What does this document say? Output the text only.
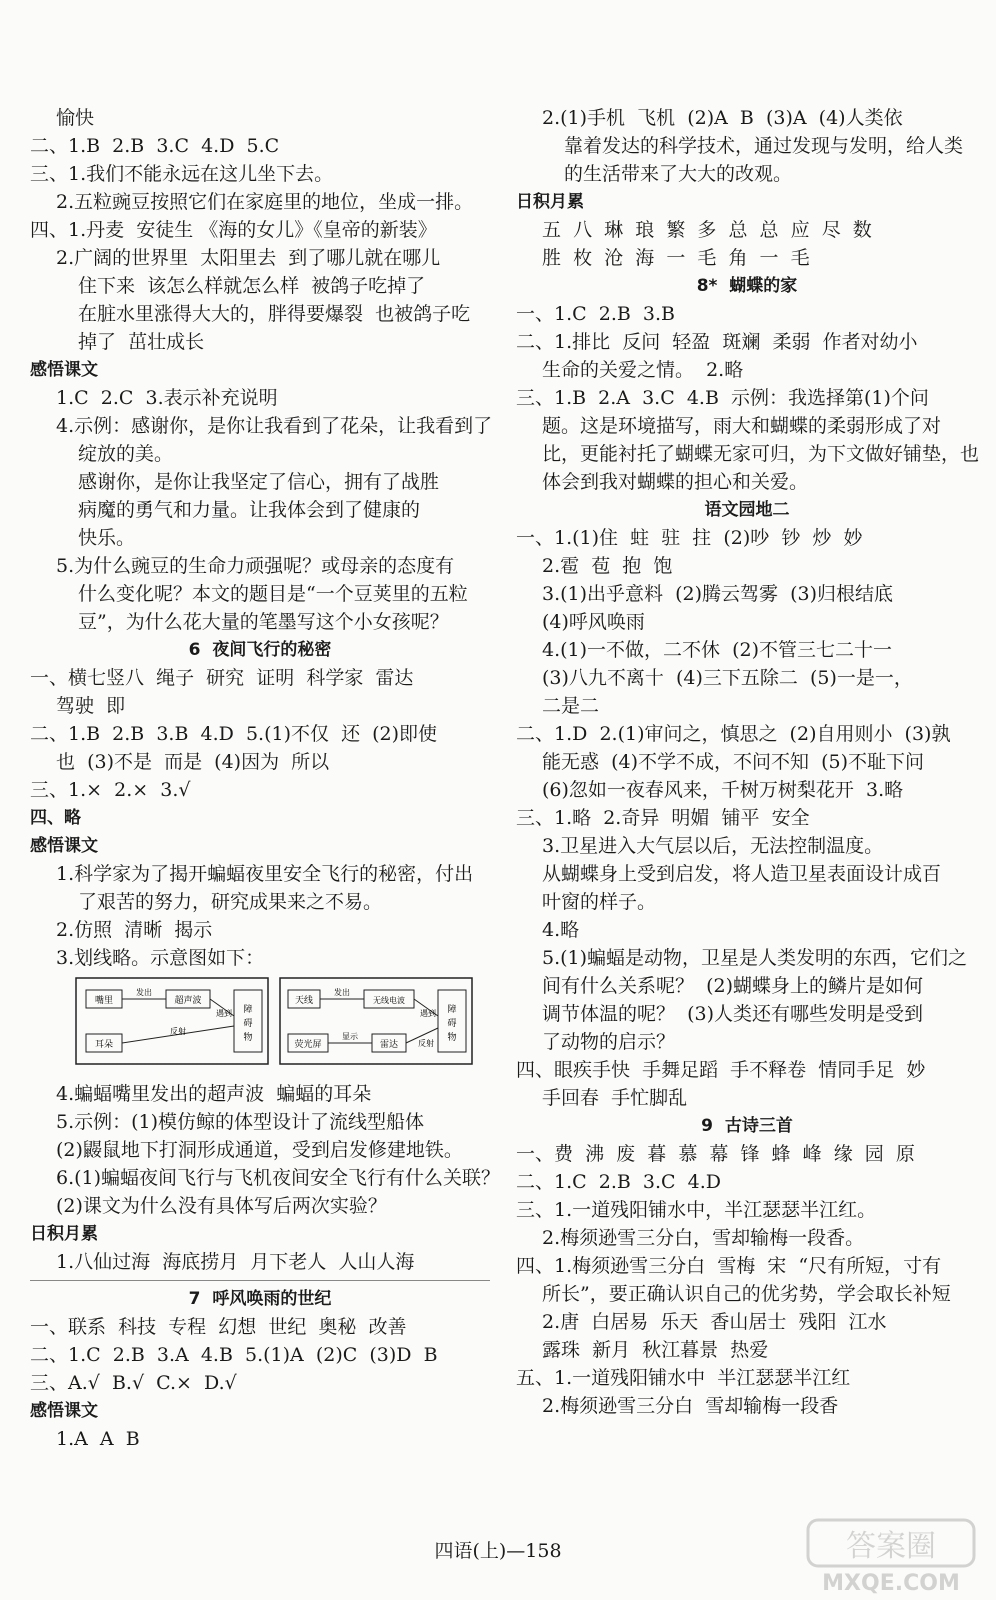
愉快
二、1.B  2.B  3.C  4.D  5.C
三、1.我们不能永远在这儿坐下去。
2.五粒豌豆按照它们在家庭里的地位，坐成一排。
四、1.丹麦  安徒生 《海的女儿》《皇帝的新装》
2.广阔的世界里  太阳里去  到了哪儿就在哪儿
住下来  该怎么样就怎么样  被鸽子吃掉了
在脏水里涨得大大的，胖得要爆裂  也被鸽子吃
掉了  茁壮成长
感悟课文
1.C  2.C  3.表示补充说明
4.示例：感谢你，是你让我看到了花朵，让我看到了
绽放的美。
感谢你，是你让我坚定了信心，拥有了战胜
病魔的勇气和力量。让我体会到了健康的
快乐。
5.为什么豌豆的生命力顽强呢？或母亲的态度有
什么变化呢？本文的题目是“一个豆荚里的五粒
豆”，为什么花大量的笔墨写这个小女孩呢？
6  夜间飞行的秘密
一、横七竖八  绳子  研究  证明  科学家  雷达
驾驶  即
二、1.B  2.B  3.B  4.D  5.(1)不仅  还  (2)即使
也  (3)不是  而是  (4)因为  所以
三、1.×  2.×  3.√
四、略
感悟课文
1.科学家为了揭开蝙蝠夜里安全飞行的秘密，付出
了艰苦的努力，研究成果来之不易。
2.仿照  清晰  揭示
3.划线略。示意图如下：
嘴里	超声波
发出
障
碍
物
遇到
耳朵
反射
天线	无线电波
发出
障
碍
物
遇到
荧光屏	雷达
显示
反射
4.蝙蝠嘴里发出的超声波  蝙蝠的耳朵
5.示例：(1)模仿鲸的体型设计了流线型船体
(2)鼹鼠地下打洞形成通道，受到启发修建地铁。
6.(1)蝙蝠夜间飞行与飞机夜间安全飞行有什么关联？
(2)课文为什么没有具体写后两次实验？
日积月累
1.八仙过海  海底捞月  月下老人  人山人海
7  呼风唤雨的世纪
一、联系  科技  专程  幻想  世纪  奥秘  改善
二、1.C  2.B  3.A  4.B  5.(1)A  (2)C  (3)D  B
三、A.√  B.√  C.×  D.√
感悟课文
1.A  A  B
2.(1)手机  飞机  (2)A  B  (3)A  (4)人类依
靠着发达的科学技术，通过发现与发明，给人类
的生活带来了大大的改观。
日积月累
五  八  琳  琅  繁  多  总  总  应  尽  数
胜  枚  沧  海  一  毛  角  一  毛
8*  蝴蝶的家
一、1.C  2.B  3.B
二、1.排比  反问  轻盈  斑斓  柔弱  作者对幼小
生命的关爱之情。  2.略
三、1.B  2.A  3.C  4.B  示例：我选择第(1)个问
题。这是环境描写，雨大和蝴蝶的柔弱形成了对
比，更能衬托了蝴蝶无家可归，为下文做好铺垫，也
体会到我对蝴蝶的担心和关爱。
语文园地二
一、1.(1)住  蛀  驻  拄  (2)吵  钞  炒  妙
2.雹  苞  抱  饱
3.(1)出乎意料  (2)腾云驾雾  (3)归根结底
(4)呼风唤雨
4.(1)一不做，二不休  (2)不管三七二十一
(3)八九不离十  (4)三下五除二  (5)一是一，
二是二
二、1.D  2.(1)审问之，慎思之  (2)自用则小  (3)孰
能无惑  (4)不学不成，不问不知  (5)不耻下问
(6)忽如一夜春风来，千树万树梨花开  3.略
三、1.略  2.奇异  明媚  铺平  安全
3.卫星进入大气层以后，无法控制温度。
从蝴蝶身上受到启发，将人造卫星表面设计成百
叶窗的样子。
4.略
5.(1)蝙蝠是动物，卫星是人类发明的东西，它们之
间有什么关系呢？  (2)蝴蝶身上的鳞片是如何
调节体温的呢？  (3)人类还有哪些发明是受到
了动物的启示？
四、眼疾手快  手舞足蹈  手不释卷  情同手足  妙
手回春  手忙脚乱
9  古诗三首
一、费  沸  废  暮  慕  幕  锋  蜂  峰  缘  园  原
二、1.C  2.B  3.C  4.D
三、1.一道残阳铺水中，半江瑟瑟半江红。
2.梅须逊雪三分白，雪却输梅一段香。
四、1.梅须逊雪三分白  雪梅  宋  “尺有所短，寸有
所长”，要正确认识自己的优劣势，学会取长补短
2.唐  白居易  乐天  香山居士  残阳  江水
露珠  新月  秋江暮景  热爱
五、1.一道残阳铺水中  半江瑟瑟半江红
2.梅须逊雪三分白  雪却输梅一段香
四语(上)—158	答案圈
MXQE.COM
